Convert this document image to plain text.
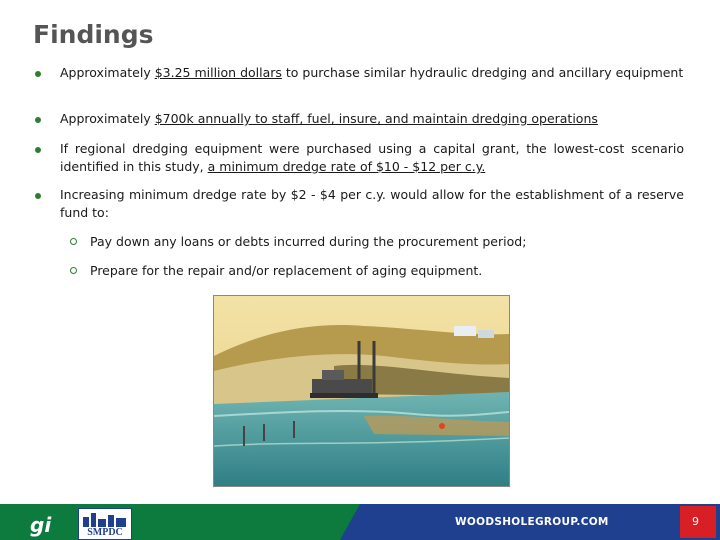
Findings
Approximately $3.25 million dollars to purchase similar hydraulic dredging and ancillary equipment
Approximately $700k annually to staff, fuel, insure, and maintain dredging operations
If regional dredging equipment were purchased using a capital grant, the lowest-cost scenario identified in this study, a minimum dredge rate of $10 - $12 per c.y.
Increasing minimum dredge rate by $2 - $4 per c.y. would allow for the establishment of a reserve fund to:
Pay down any loans or debts incurred during the procurement period;
Prepare for the repair and/or replacement of aging equipment.
gi	SMPDC
WOODSHOLEGROUP.COM	9
